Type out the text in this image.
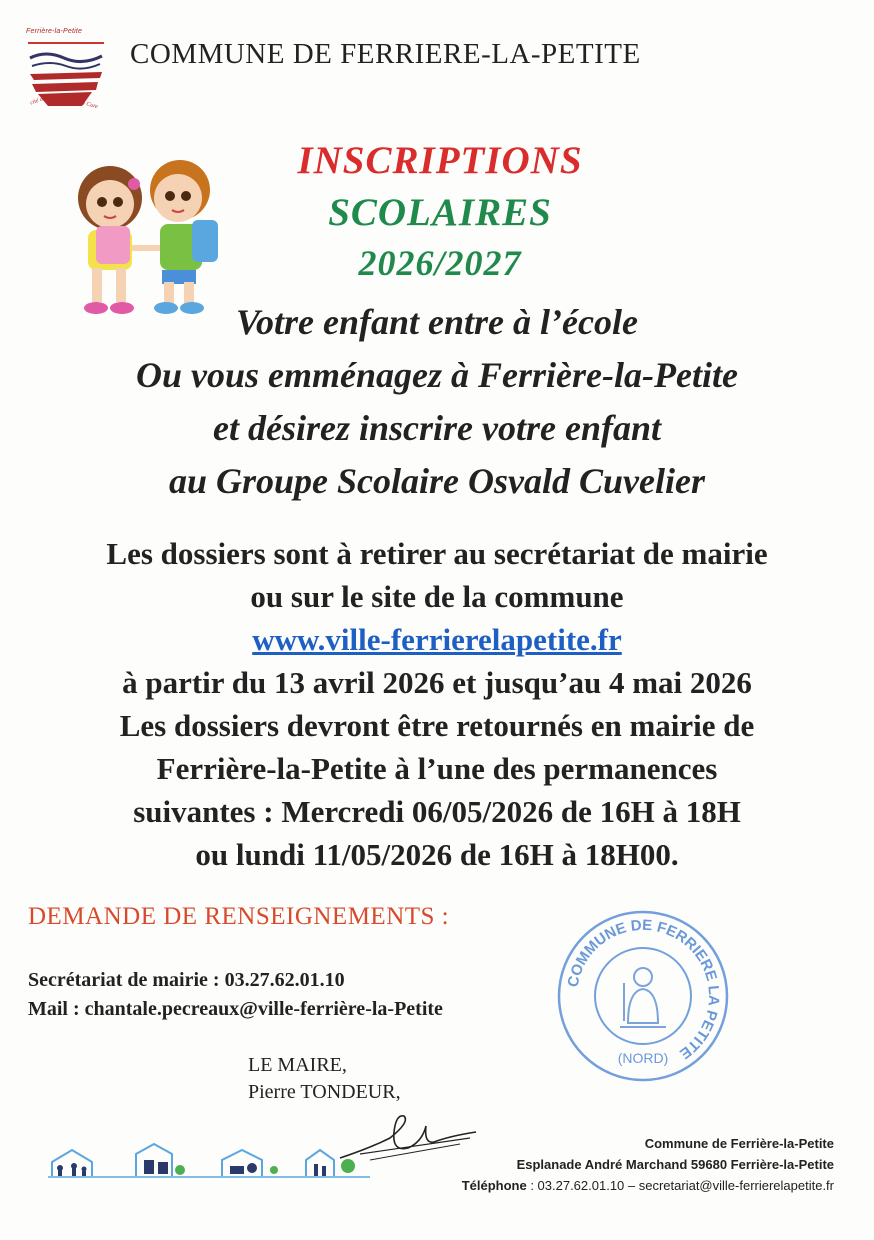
Ferrière-la-Petite
cité de	la Cure
COMMUNE DE FERRIERE-LA-PETITE
INSCRIPTIONS
SCOLAIRES
2026/2027
Votre enfant entre à l’école
Ou vous emménagez à Ferrière-la-Petite
et désirez inscrire votre enfant
au Groupe Scolaire Osvald Cuvelier
Les dossiers sont à retirer au secrétariat de mairie
ou sur le site de la commune
www.ville-ferrierelapetite.fr
à partir du 13 avril 2026 et jusqu’au 4 mai 2026
Les dossiers devront être retournés en mairie de
Ferrière-la-Petite à l’une des permanences
suivantes : Mercredi 06/05/2026 de 16H à 18H
ou lundi 11/05/2026 de 16H à 18H00.
DEMANDE DE RENSEIGNEMENTS :
Secrétariat de mairie : 03.27.62.01.10
Mail : chantale.pecreaux@ville-ferrière-la-Petite
COMMUNE DE FERRIERE LA PETITE
(NORD)
LE MAIRE,
Pierre TONDEUR,
Commune de Ferrière-la-Petite
Esplanade André Marchand 59680 Ferrière-la-Petite
Téléphone : 03.27.62.01.10 – secretariat@ville-ferrierelapetite.fr
